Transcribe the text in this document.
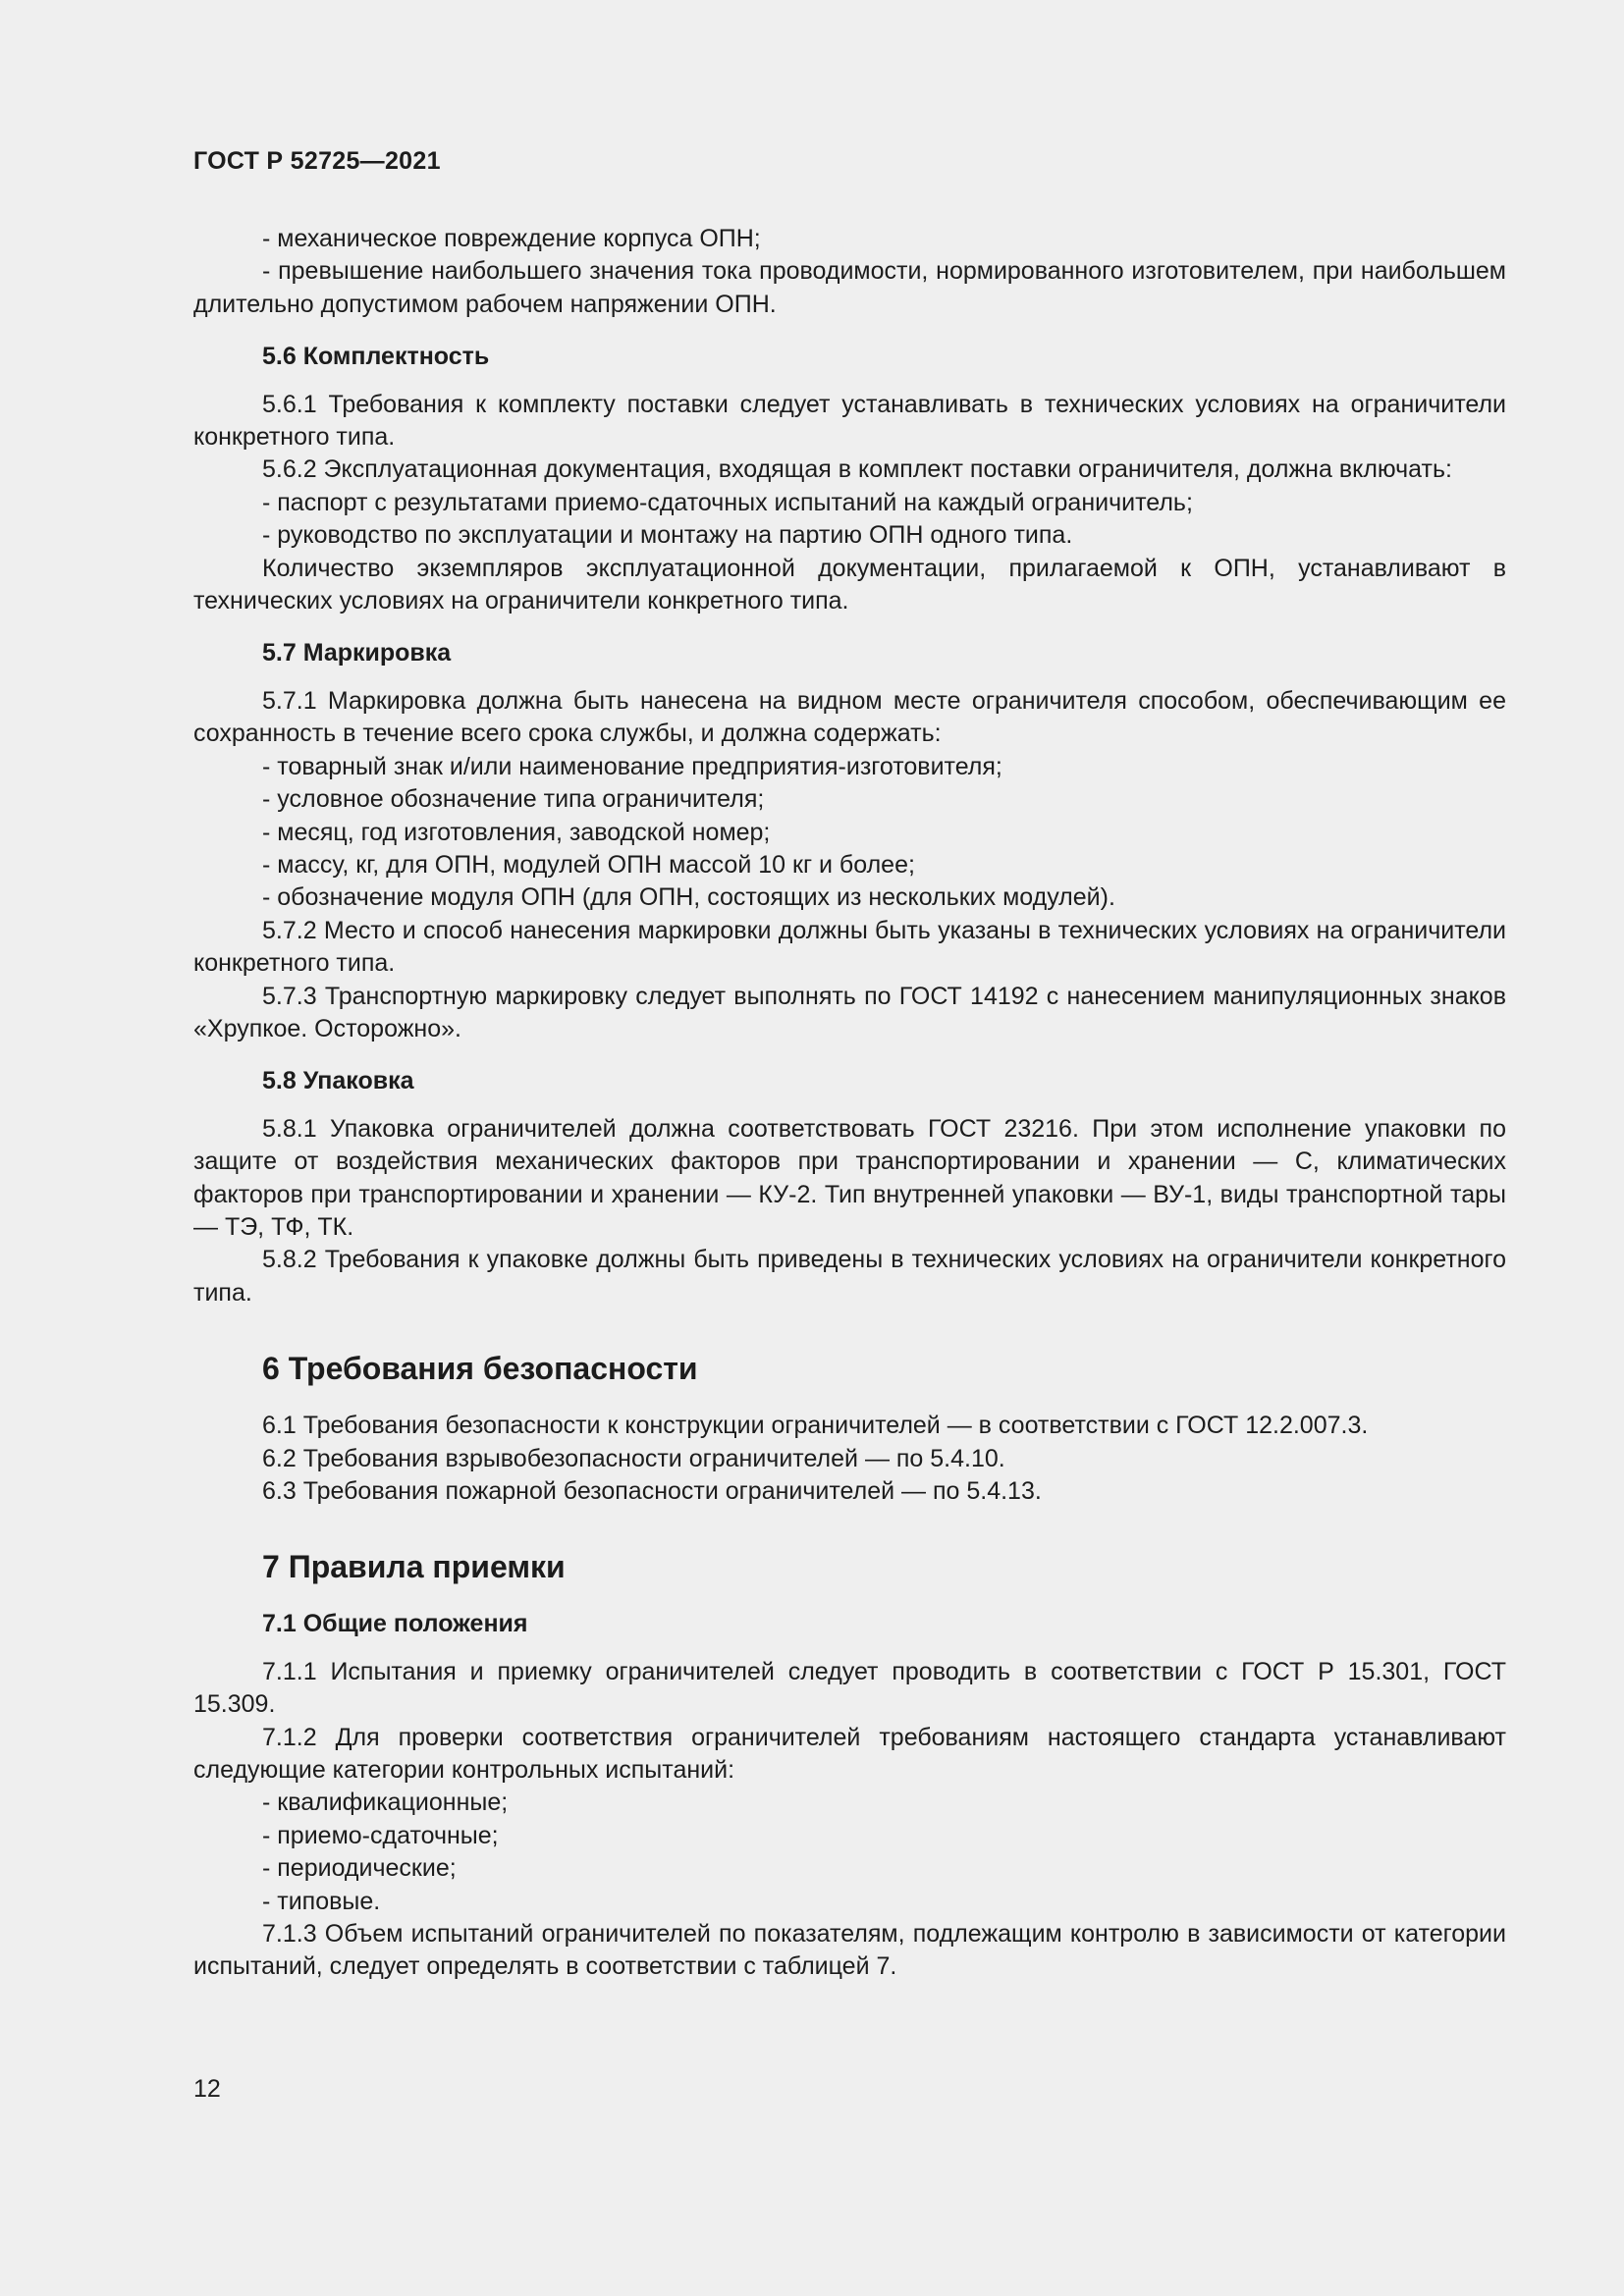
ГОСТ Р 52725—2021

- механическое повреждение корпуса ОПН;

- превышение наибольшего значения тока проводимости, нормированного изготовителем, при наибольшем длительно допустимом рабочем напряжении ОПН.

5.6 Комплектность

5.6.1 Требования к комплекту поставки следует устанавливать в технических условиях на ограничители конкретного типа.

5.6.2 Эксплуатационная документация, входящая в комплект поставки ограничителя, должна включать:

- паспорт с результатами приемо-сдаточных испытаний на каждый ограничитель;

- руководство по эксплуатации и монтажу на партию ОПН одного типа.

Количество экземпляров эксплуатационной документации, прилагаемой к ОПН, устанавливают в технических условиях на ограничители конкретного типа.

5.7 Маркировка

5.7.1 Маркировка должна быть нанесена на видном месте ограничителя способом, обеспечивающим ее сохранность в течение всего срока службы, и должна содержать:

- товарный знак и/или наименование предприятия-изготовителя;

- условное обозначение типа ограничителя;

- месяц, год изготовления, заводской номер;

- массу, кг, для ОПН, модулей ОПН массой 10 кг и более;

- обозначение модуля ОПН (для ОПН, состоящих из нескольких модулей).

5.7.2 Место и способ нанесения маркировки должны быть указаны в технических условиях на ограничители конкретного типа.

5.7.3 Транспортную маркировку следует выполнять по ГОСТ 14192 с нанесением манипуляционных знаков «Хрупкое. Осторожно».

5.8 Упаковка

5.8.1 Упаковка ограничителей должна соответствовать ГОСТ 23216. При этом исполнение упаковки по защите от воздействия механических факторов при транспортировании и хранении — С, климатических факторов при транспортировании и хранении — КУ-2. Тип внутренней упаковки — ВУ-1, виды транспортной тары — ТЭ, ТФ, ТК.

5.8.2 Требования к упаковке должны быть приведены в технических условиях на ограничители конкретного типа.

6 Требования безопасности

6.1 Требования безопасности к конструкции ограничителей — в соответствии с ГОСТ 12.2.007.3.

6.2 Требования взрывобезопасности ограничителей — по 5.4.10.

6.3 Требования пожарной безопасности ограничителей — по 5.4.13.

7 Правила приемки

7.1 Общие положения

7.1.1 Испытания и приемку ограничителей следует проводить в соответствии с ГОСТ Р 15.301, ГОСТ 15.309.

7.1.2 Для проверки соответствия ограничителей требованиям настоящего стандарта устанавливают следующие категории контрольных испытаний:

- квалификационные;

- приемо-сдаточные;

- периодические;

- типовые.

7.1.3 Объем испытаний ограничителей по показателям, подлежащим контролю в зависимости от категории испытаний, следует определять в соответствии с таблицей 7.

12
